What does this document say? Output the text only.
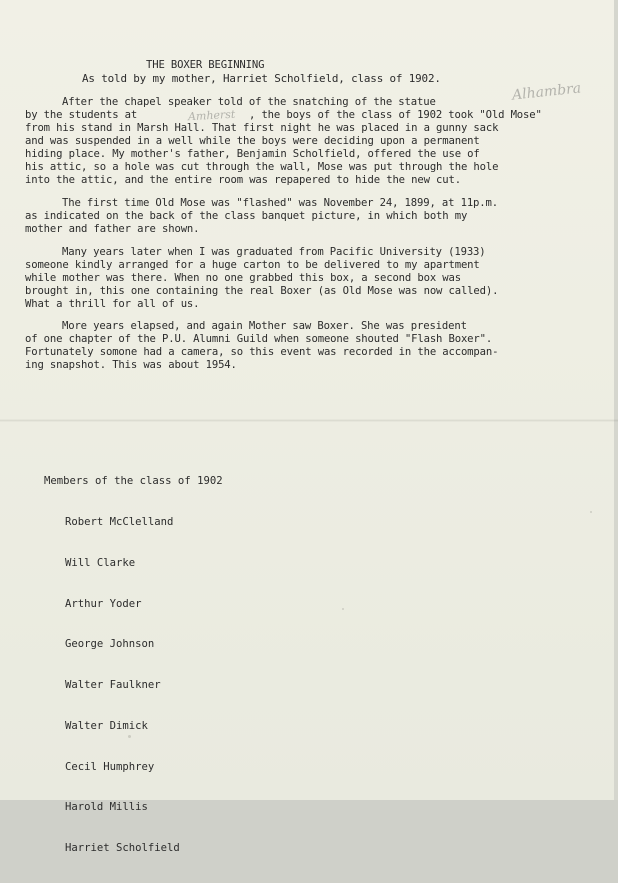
THE BOXER BEGINNING
As told by my mother, Harriet Scholfield, class of 1902.
Alhambra
Amherst
After the chapel speaker told of the snatching of the statue
by the students at	, the boys of the class of 1902 took "Old Mose"
from his stand in Marsh Hall. That first night he was placed in a gunny sack
and was suspended in a well while the boys were deciding upon a permanent
hiding place. My mother's father, Benjamin Scholfield, offered the use of
his attic, so a hole was cut through the wall, Mose was put through the hole
into the attic, and the entire room was repapered to hide the new cut.
The first time Old Mose was "flashed" was November 24, 1899, at 11p.m.
as indicated on the back of the class banquet picture, in which both my
mother and father are shown.
Many years later when I was graduated from Pacific University (1933)
someone kindly arranged for a huge carton to be delivered to my apartment
while mother was there. When no one grabbed this box, a second box was
brought in, this one containing the real Boxer (as Old Mose was now called).
What a thrill for all of us.
More years elapsed, and again Mother saw Boxer. She was president
of one chapter of the P.U. Alumni Guild when someone shouted "Flash Boxer".
Fortunately somone had a camera, so this event was recorded in the accompan-
ing snapshot. This was about 1954.

Members of the class of 1902

Robert McClelland

Will Clarke

Arthur Yoder

George Johnson

Walter Faulkner

Walter Dimick

Cecil Humphrey

Harold Millis

Harriet Scholfield
